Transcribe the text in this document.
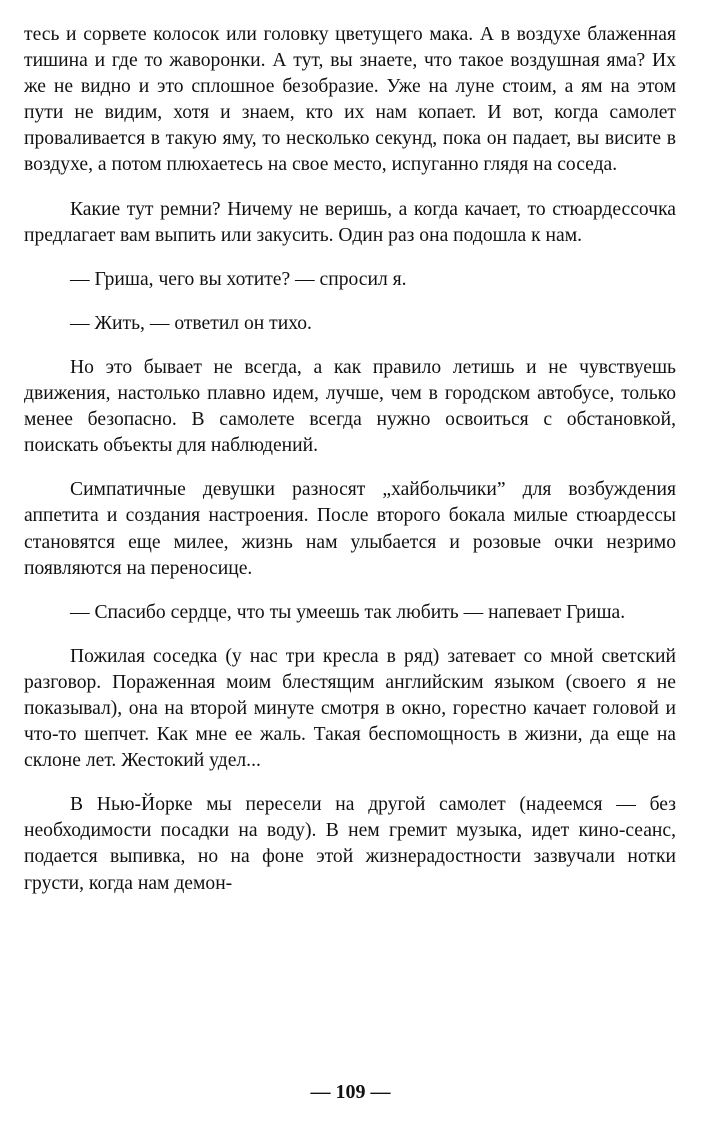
тесь и сорвете колосок или головку цветущего мака. А в воздухе блаженная тишина и где то жаворонки. А тут, вы знаете, что такое воздушная яма? Их же не видно и это сплошное безобразие. Уже на луне стоим, а ям на этом пути не видим, хотя и знаем, кто их нам копает. И вот, когда самолет проваливается в такую яму, то несколько секунд, пока он падает, вы висите в воздухе, а потом плюхаетесь на свое место, испуганно глядя на соседа.

Какие тут ремни? Ничему не веришь, а когда качает, то стюардессочка предлагает вам выпить или закусить. Один раз она подошла к нам.

— Гриша, чего вы хотите? — спросил я.

— Жить, — ответил он тихо.

Но это бывает не всегда, а как правило летишь и не чувствуешь движения, настолько плавно идем, лучше, чем в городском автобусе, только менее безопасно. В самолете всегда нужно освоиться с обстановкой, поискать объекты для наблюдений.

Симпатичные девушки разносят „хайбольчики” для возбуждения аппетита и создания настроения. После второго бокала милые стюардессы становятся еще милее, жизнь нам улыбается и розовые очки незримо появляются на переносице.

— Спасибо сердце, что ты умеешь так любить — напевает Гриша.

Пожилая соседка (у нас три кресла в ряд) затевает со мной светский разговор. Пораженная моим блестящим английским языком (своего я не показывал), она на второй минуте смотря в окно, горестно качает головой и что-то шепчет. Как мне ее жаль. Такая беспомощность в жизни, да еще на склоне лет. Жестокий удел...

В Нью-Йорке мы пересели на другой самолет (надеемся — без необходимости посадки на воду). В нем гремит музыка, идет кино-сеанс, подается выпивка, но на фоне этой жизнерадостности зазвучали нотки грусти, когда нам демон-

— 109 —
